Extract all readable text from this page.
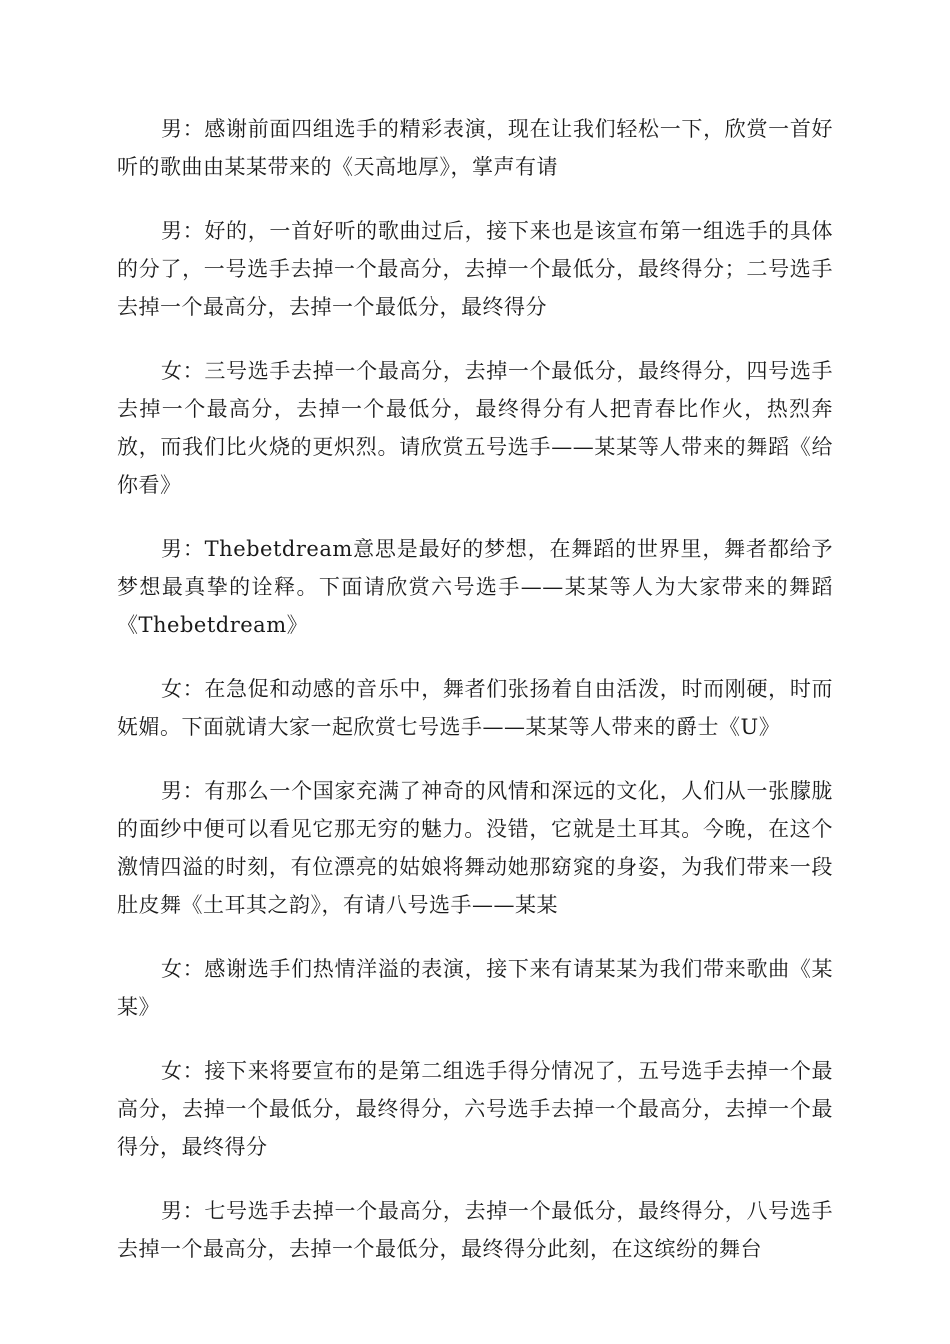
男：感谢前面四组选手的精彩表演，现在让我们轻松一下，欣赏一首好听的歌曲由某某带来的《天高地厚》，掌声有请

男：好的，一首好听的歌曲过后，接下来也是该宣布第一组选手的具体的分了，一号选手去掉一个最高分，去掉一个最低分，最终得分；二号选手去掉一个最高分，去掉一个最低分，最终得分

女：三号选手去掉一个最高分，去掉一个最低分，最终得分，四号选手去掉一个最高分，去掉一个最低分，最终得分有人把青春比作火，热烈奔放，而我们比火烧的更炽烈。请欣赏五号选手——某某等人带来的舞蹈《给你看》

男：Thebetdream意思是最好的梦想，在舞蹈的世界里，舞者都给予梦想最真挚的诠释。下面请欣赏六号选手——某某等人为大家带来的舞蹈《Thebetdream》

女：在急促和动感的音乐中，舞者们张扬着自由活泼，时而刚硬，时而妩媚。下面就请大家一起欣赏七号选手——某某等人带来的爵士《U》

男：有那么一个国家充满了神奇的风情和深远的文化，人们从一张朦胧的面纱中便可以看见它那无穷的魅力。没错，它就是土耳其。今晚，在这个激情四溢的时刻，有位漂亮的姑娘将舞动她那窈窕的身姿，为我们带来一段肚皮舞《土耳其之韵》，有请八号选手——某某

女：感谢选手们热情洋溢的表演，接下来有请某某为我们带来歌曲《某某》

女：接下来将要宣布的是第二组选手得分情况了，五号选手去掉一个最高分，去掉一个最低分，最终得分，六号选手去掉一个最高分，去掉一个最得分，最终得分

男：七号选手去掉一个最高分，去掉一个最低分，最终得分，八号选手去掉一个最高分，去掉一个最低分，最终得分此刻，在这缤纷的舞台
